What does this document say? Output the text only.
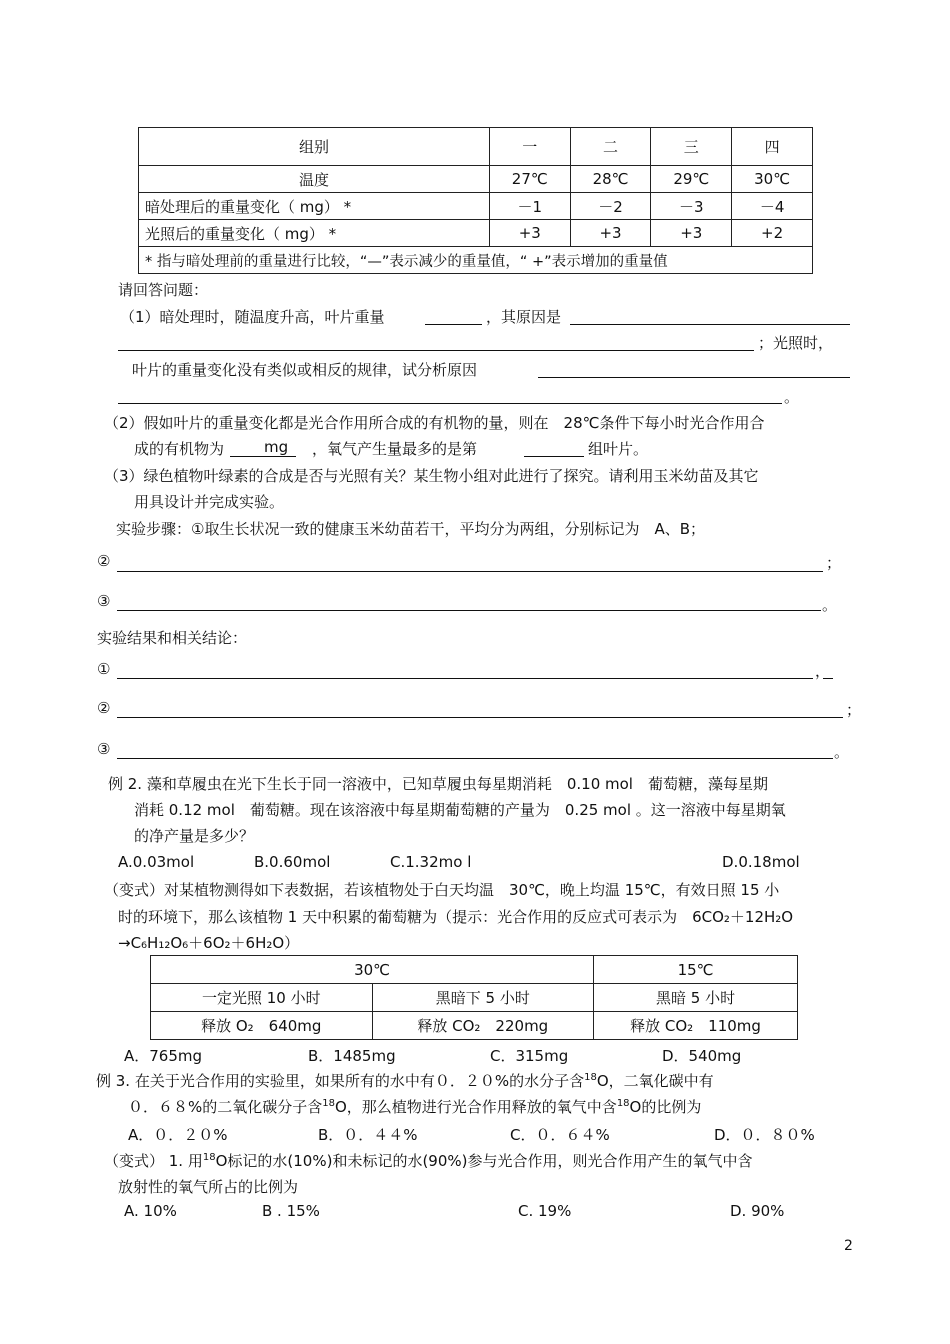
组别	一	二	三	四
温度	27℃	28℃	29℃	30℃
暗处理后的重量变化（ mg） *	－1	－2	－3	－4
光照后的重量变化（ mg） *	+3	+3	+3	+2
* 指与暗处理前的重量进行比较，“—”表示减少的重量值，“ +”表示增加的重量值				
请回答问题：
（1）暗处理时，随温度升高，叶片重量	，其原因是
；光照时，
叶片的重量变化没有类似或相反的规律，试分析原因
。
（2）假如叶片的重量变化都是光合作用所合成的有机物的量，则在　28℃条件下每小时光合作用合
成的有机物为	mg ，氧气产生量最多的是第	组叶片。
（3）绿色植物叶绿素的合成是否与光照有关？某生物小组对此进行了探究。请利用玉米幼苗及其它
用具设计并完成实验。
实验步骤：①取生长状况一致的健康玉米幼苗若干，平均分为两组，分别标记为　A、B；
②	；
③	。
实验结果和相关结论：
①	，
②	；
③	。
例 2. 藻和草履虫在光下生长于同一溶液中，已知草履虫每星期消耗　0.10 mol　葡萄糖，藻每星期
消耗 0.12 mol　葡萄糖。现在该溶液中每星期葡萄糖的产量为　0.25 mol 。这一溶液中每星期氧
的净产量是多少？
A.0.03mol	B.0.60mol	C.1.32mo l	D.0.18mol
（变式）对某植物测得如下表数据，若该植物处于白天均温　30℃，晚上均温 15℃，有效日照 15 小
时的环境下，那么该植物 1 天中积累的葡萄糖为（提示：光合作用的反应式可表示为　6CO₂＋12H₂O
→C₆H₁₂O₆＋6O₂＋6H₂O）
30℃		15℃
一定光照 10 小时	黑暗下 5 小时	黑暗 5 小时
释放 O₂　640mg	释放 CO₂　220mg	释放 CO₂　110mg
A．765mg	B．1485mg	C．315mg	D．540mg
例 3. 在关于光合作用的实验里，如果所有的水中有０．２０%的水分子含$^{18}$O，二氧化碳中有
０．６８%的二氧化碳分子含$^{18}$O，那么植物进行光合作用释放的氧气中含$^{18}$O的比例为
A．０．２０%	B．０．４４%	C．０．６４%	D．０．８０%
（变式） 1. 用$^{18}$O标记的水(10%)和未标记的水(90%)参与光合作用，则光合作用产生的氧气中含
放射性的氧气所占的比例为
A. 10%	B . 15%	C. 19%	D. 90%
2
